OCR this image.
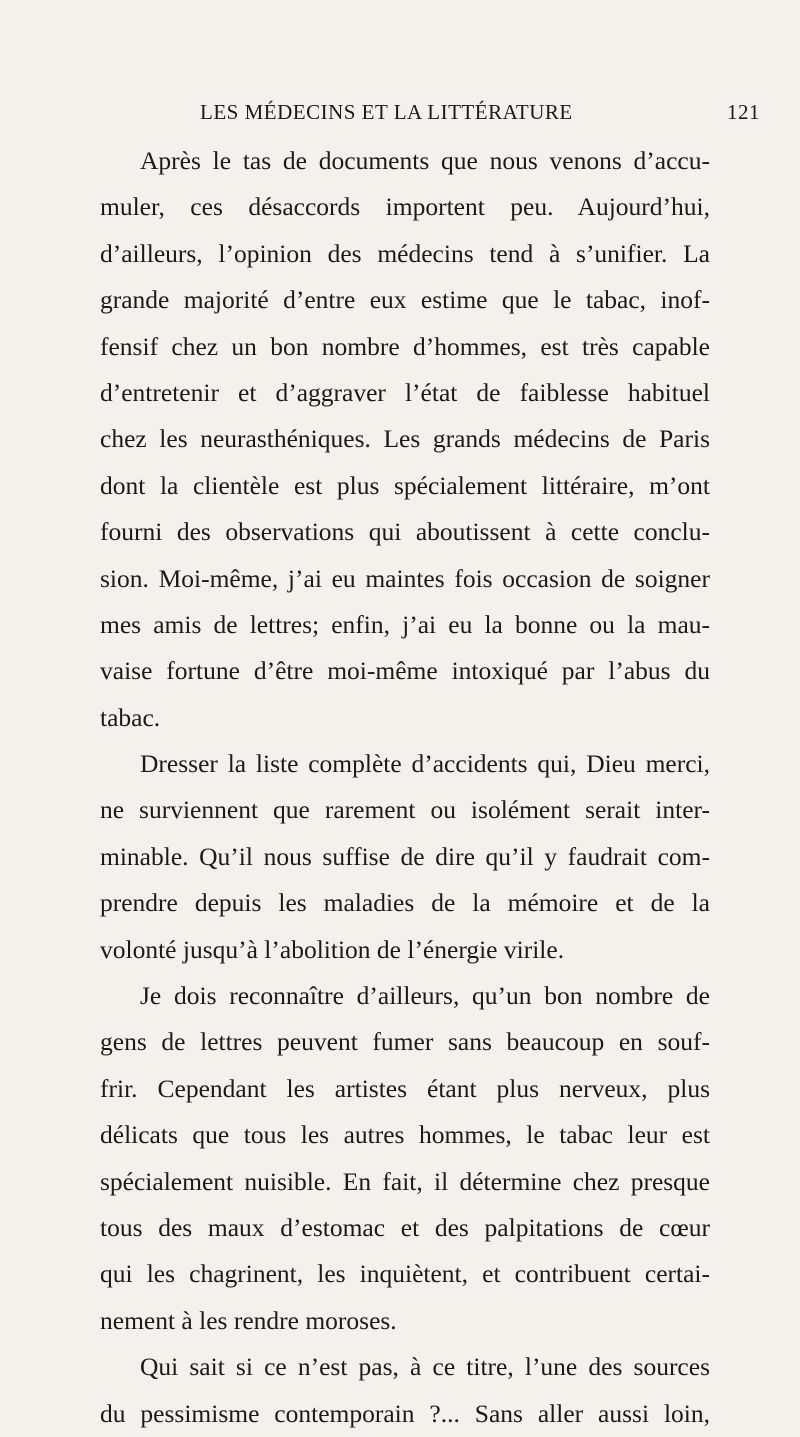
LES MÉDECINS ET LA LITTÉRATURE	121
Après le tas de documents que nous venons d’accu-
muler, ces désaccords importent peu. Aujourd’hui,
d’ailleurs, l’opinion des médecins tend à s’unifier. La
grande majorité d’entre eux estime que le tabac, inof-
fensif chez un bon nombre d’hommes, est très capable
d’entretenir et d’aggraver l’état de faiblesse habituel
chez les neurasthéniques. Les grands médecins de Paris
dont la clientèle est plus spécialement littéraire, m’ont
fourni des observations qui aboutissent à cette conclu-
sion. Moi-même, j’ai eu maintes fois occasion de soigner
mes amis de lettres; enfin, j’ai eu la bonne ou la mau-
vaise fortune d’être moi-même intoxiqué par l’abus du
tabac.
Dresser la liste complète d’accidents qui, Dieu merci,
ne surviennent que rarement ou isolément serait inter-
minable. Qu’il nous suffise de dire qu’il y faudrait com-
prendre depuis les maladies de la mémoire et de la
volonté jusqu’à l’abolition de l’énergie virile.
Je dois reconnaître d’ailleurs, qu’un bon nombre de
gens de lettres peuvent fumer sans beaucoup en souf-
frir. Cependant les artistes étant plus nerveux, plus
délicats que tous les autres hommes, le tabac leur est
spécialement nuisible. En fait, il détermine chez presque
tous des maux d’estomac et des palpitations de cœur
qui les chagrinent, les inquiètent, et contribuent certai-
nement à les rendre moroses.
Qui sait si ce n’est pas, à ce titre, l’une des sources
du pessimisme contemporain ?... Sans aller aussi loin,
